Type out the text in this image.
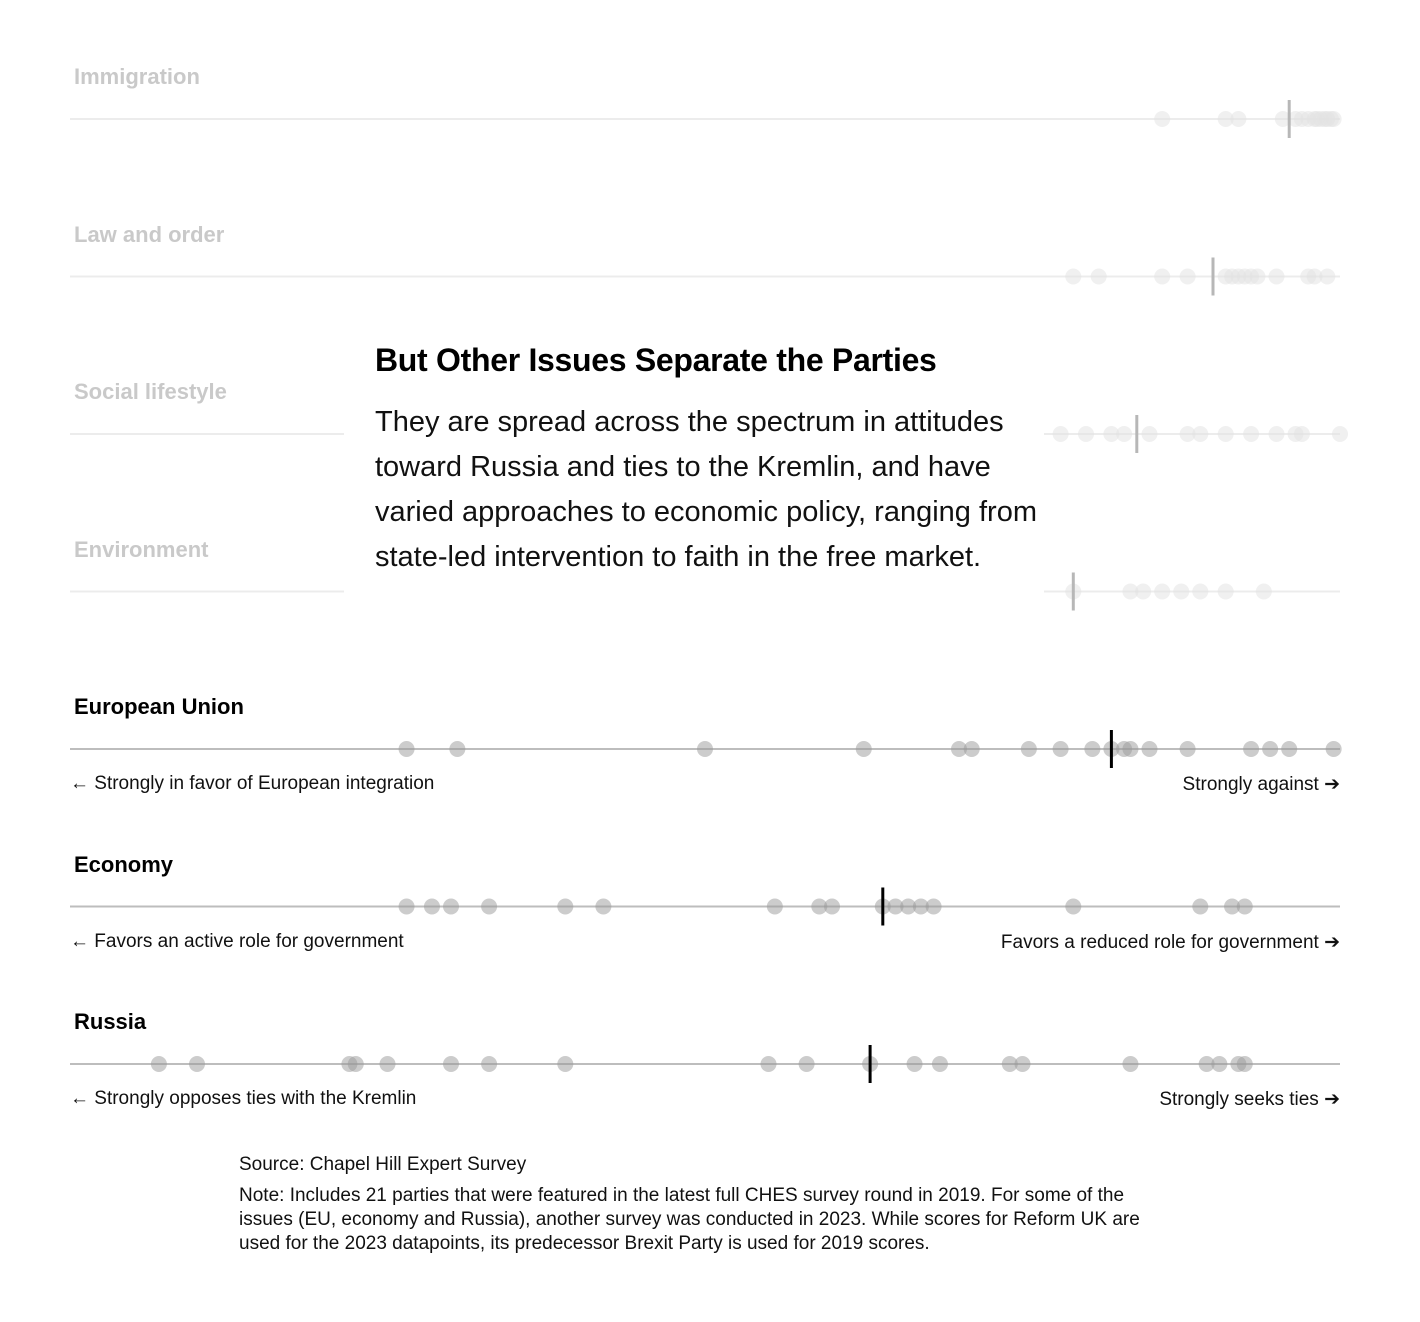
Immigration
Law and order
Social lifestyle
Environment
European Union
← Strongly in favor of European integration	Strongly against ➔
Economy
← Favors an active role for government	Favors a reduced role for government ➔
Russia
← Strongly opposes ties with the Kremlin	Strongly seeks ties ➔
But Other Issues Separate the Parties
They are spread across the spectrum in attitudes toward Russia and ties to the Kremlin, and have varied approaches to economic policy, ranging from state-led intervention to faith in the free market.
Source: Chapel Hill Expert Survey
Note: Includes 21 parties that were featured in the latest full CHES survey round in 2019. For some of the issues (EU, economy and Russia), another survey was conducted in 2023. While scores for Reform UK are used for the 2023 datapoints, its predecessor Brexit Party is used for 2019 scores.
